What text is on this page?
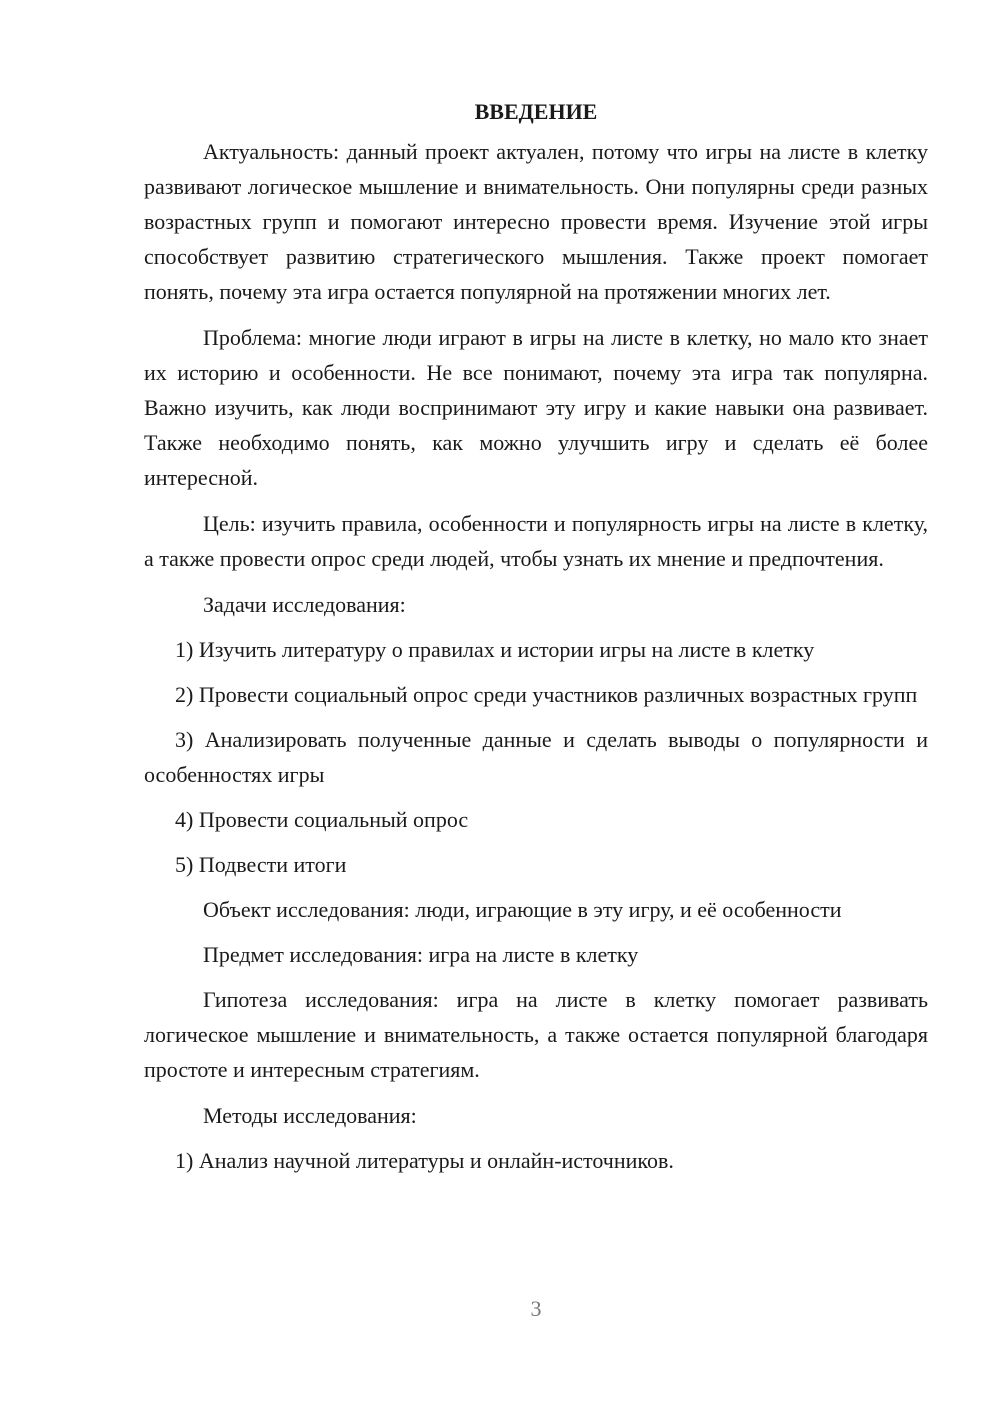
ВВЕДЕНИЕ

Актуальность: данный проект актуален, потому что игры на листе в клетку развивают логическое мышление и внимательность. Они популярны среди разных возрастных групп и помогают интересно провести время. Изучение этой игры способствует развитию стратегического мышления. Также проект помогает понять, почему эта игра остается популярной на протяжении многих лет.

Проблема: многие люди играют в игры на листе в клетку, но мало кто знает их историю и особенности. Не все понимают, почему эта игра так популярна. Важно изучить, как люди воспринимают эту игру и какие навыки она развивает. Также необходимо понять, как можно улучшить игру и сделать её более интересной.

Цель: изучить правила, особенности и популярность игры на листе в клетку, а также провести опрос среди людей, чтобы узнать их мнение и предпочтения.

Задачи исследования:

1) Изучить литературу о правилах и истории игры на листе в клетку

2) Провести социальный опрос среди участников различных возрастных групп

3) Анализировать полученные данные и сделать выводы о популярности и особенностях игры

4) Провести социальный опрос

5) Подвести итоги

Объект исследования: люди, играющие в эту игру, и её особенности

Предмет исследования: игра на листе в клетку

Гипотеза исследования: игра на листе в клетку помогает развивать логическое мышление и внимательность, а также остается популярной благодаря простоте и интересным стратегиям.

Методы исследования:

1) Анализ научной литературы и онлайн-источников.

3
